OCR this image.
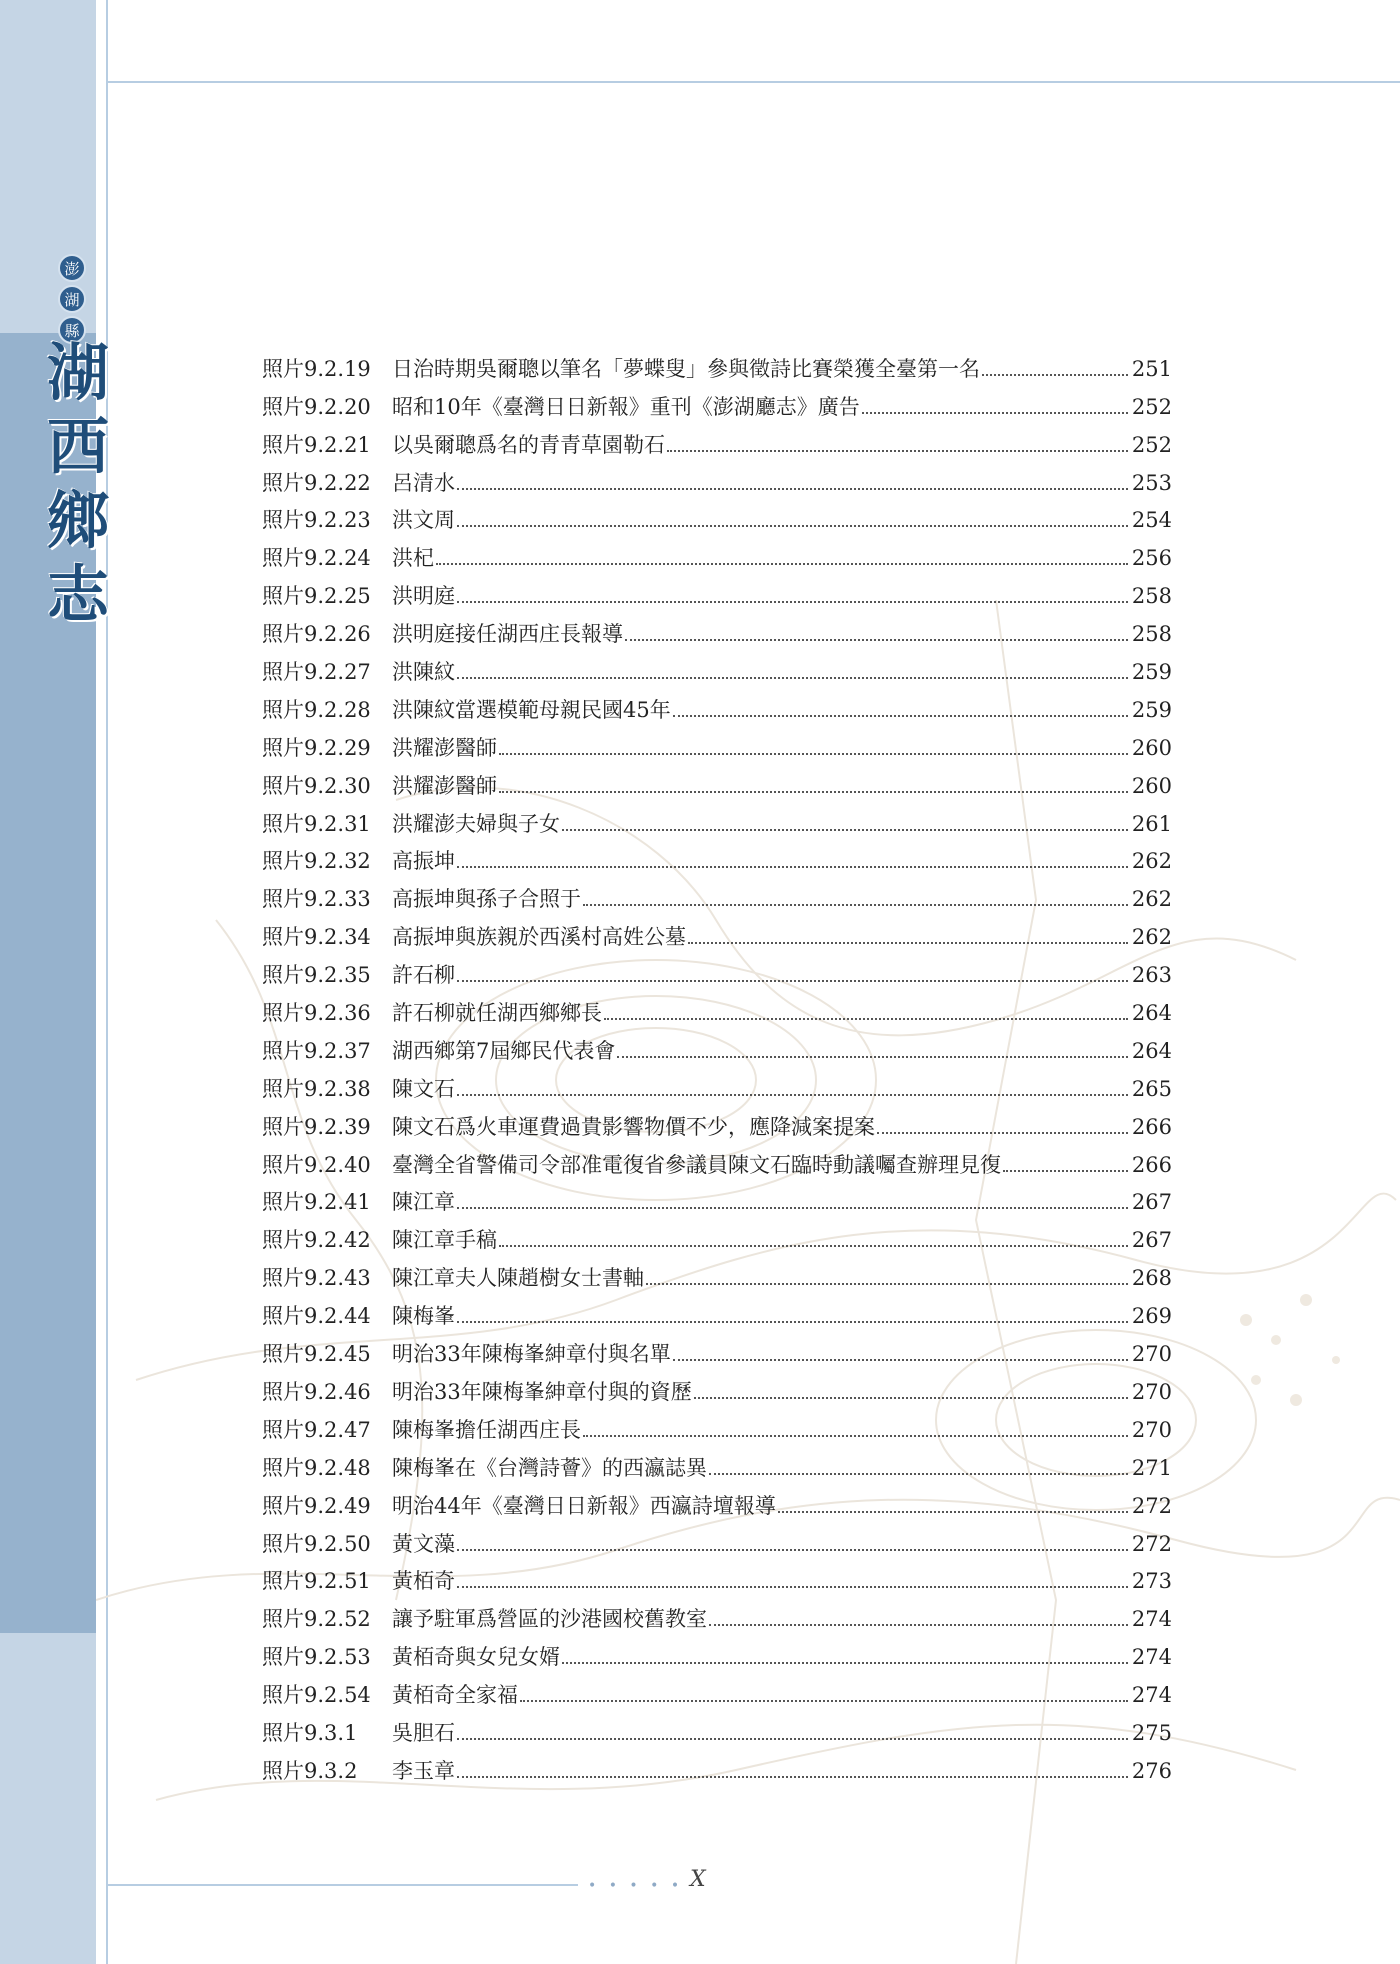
澎
湖
縣
湖
西
鄉
志
照片9.2.19	日治時期吳爾聰以筆名「夢蝶叟」參與徵詩比賽榮獲全臺第一名	251
照片9.2.20	昭和10年《臺灣日日新報》重刊《澎湖廳志》廣告	252
照片9.2.21	以吳爾聰爲名的青青草園勒石	252
照片9.2.22	呂清水	253
照片9.2.23	洪文周	254
照片9.2.24	洪杞	256
照片9.2.25	洪明庭	258
照片9.2.26	洪明庭接任湖西庄長報導	258
照片9.2.27	洪陳紋	259
照片9.2.28	洪陳紋當選模範母親民國45年	259
照片9.2.29	洪耀澎醫師	260
照片9.2.30	洪耀澎醫師	260
照片9.2.31	洪耀澎夫婦與子女	261
照片9.2.32	高振坤	262
照片9.2.33	高振坤與孫子合照于	262
照片9.2.34	高振坤與族親於西溪村高姓公墓	262
照片9.2.35	許石柳	263
照片9.2.36	許石柳就任湖西鄉鄉長	264
照片9.2.37	湖西鄉第7屆鄉民代表會	264
照片9.2.38	陳文石	265
照片9.2.39	陳文石爲火車運費過貴影響物價不少，應降減案提案	266
照片9.2.40	臺灣全省警備司令部准電復省參議員陳文石臨時動議囑查辦理見復	266
照片9.2.41	陳江章	267
照片9.2.42	陳江章手稿	267
照片9.2.43	陳江章夫人陳趙樹女士書軸	268
照片9.2.44	陳梅峯	269
照片9.2.45	明治33年陳梅峯紳章付與名單	270
照片9.2.46	明治33年陳梅峯紳章付與的資歷	270
照片9.2.47	陳梅峯擔任湖西庄長	270
照片9.2.48	陳梅峯在《台灣詩薈》的西瀛誌異	271
照片9.2.49	明治44年《臺灣日日新報》西瀛詩壇報導	272
照片9.2.50	黃文藻	272
照片9.2.51	黃栢奇	273
照片9.2.52	讓予駐軍爲營區的沙港國校舊教室	274
照片9.2.53	黃栢奇與女兒女婿	274
照片9.2.54	黃栢奇全家福	274
照片9.3.1	吳胆石	275
照片9.3.2	李玉章	276
• • • • • X
